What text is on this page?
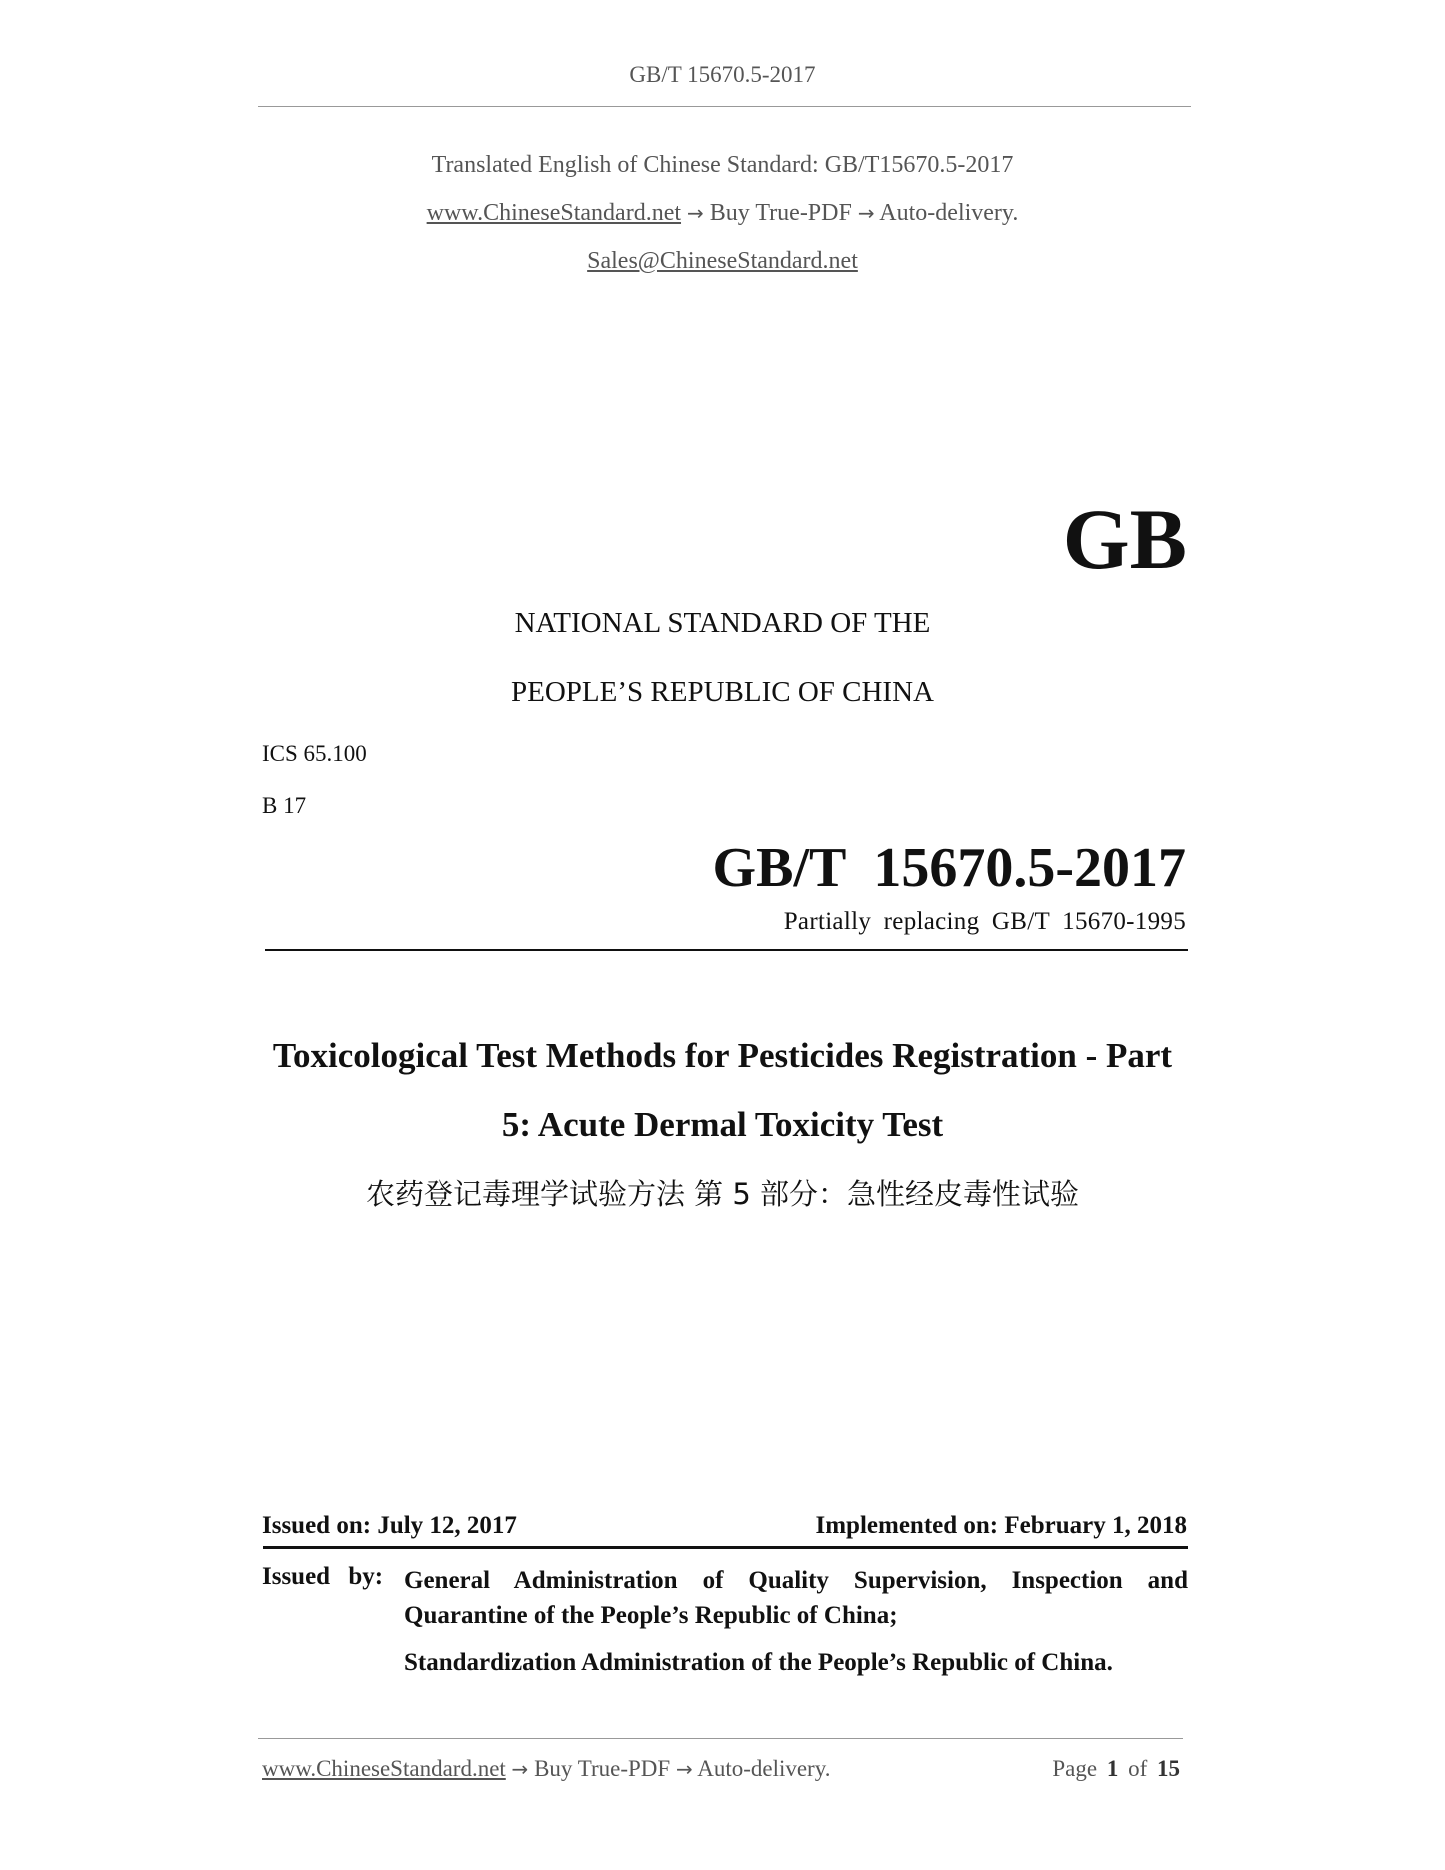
GB/T 15670.5-2017
Translated English of Chinese Standard: GB/T15670.5-2017
www.ChineseStandard.net → Buy True-PDF → Auto-delivery.
Sales@ChineseStandard.net
GB
NATIONAL STANDARD OF THE
PEOPLE’S REPUBLIC OF CHINA
ICS 65.100
B 17
GB/T 15670.5-2017
Partially replacing GB/T 15670-1995
Toxicological Test Methods for Pesticides Registration - Part
5: Acute Dermal Toxicity Test
农药登记毒理学试验方法 第 5 部分：急性经皮毒性试验
Issued on: July 12, 2017	Implemented on: February 1, 2018
Issued by: General Administration of Quality Supervision, Inspection and
Quarantine of the People’s Republic of China;
Standardization Administration of the People’s Republic of China.
www.ChineseStandard.net → Buy True-PDF → Auto-delivery.	Page 1 of 15
